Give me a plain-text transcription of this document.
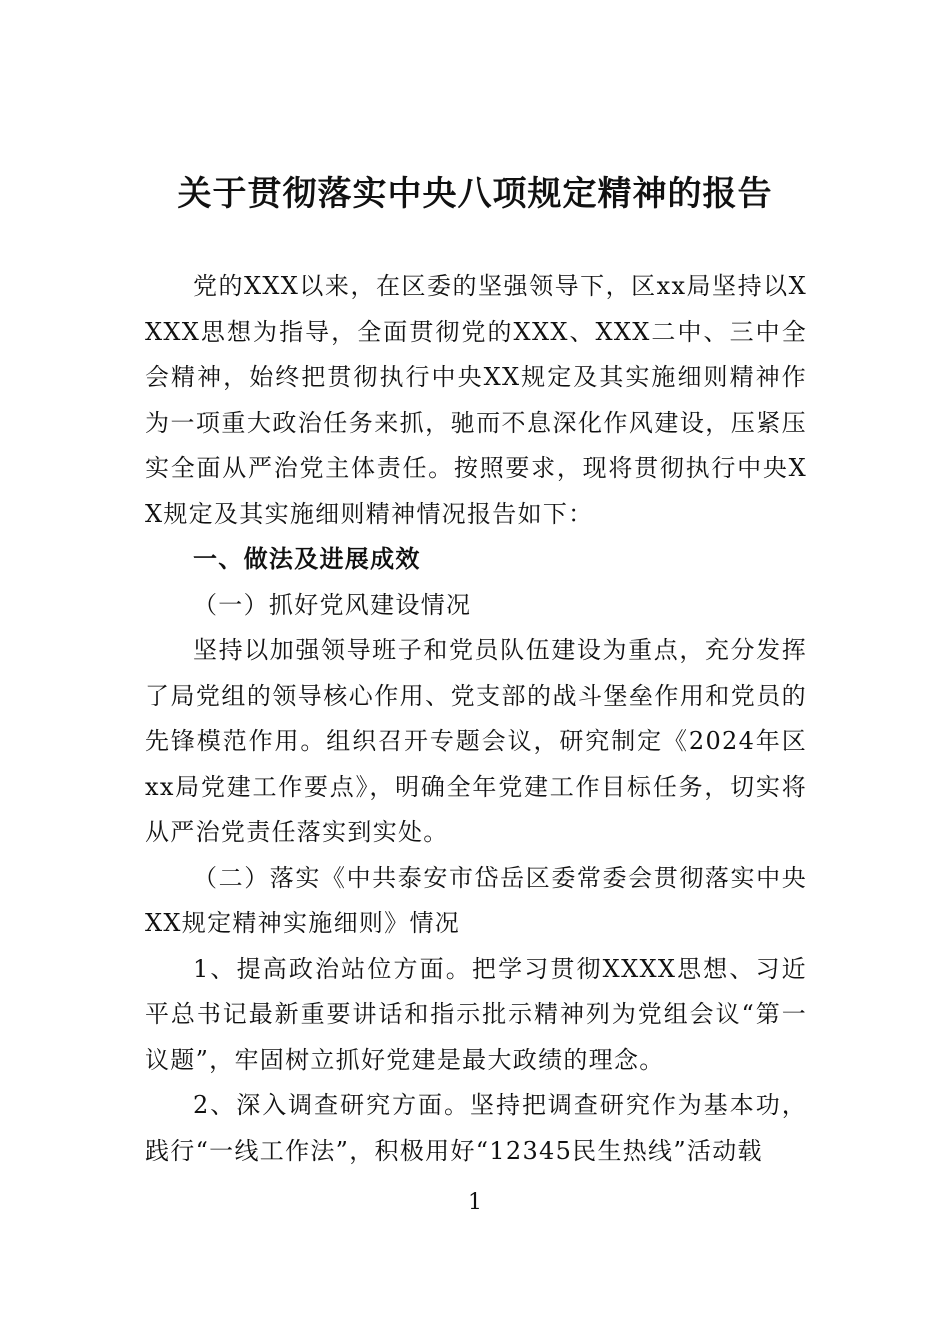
关于贯彻落实中央八项规定精神的报告

党的XXX以来，在区委的坚强领导下，区xx局坚持以XXXX思想为指导，全面贯彻党的XXX、XXX二中、三中全会精神，始终把贯彻执行中央XX规定及其实施细则精神作为一项重大政治任务来抓，驰而不息深化作风建设，压紧压实全面从严治党主体责任。按照要求，现将贯彻执行中央XX规定及其实施细则精神情况报告如下：

一、做法及进展成效

（一）抓好党风建设情况

坚持以加强领导班子和党员队伍建设为重点，充分发挥了局党组的领导核心作用、党支部的战斗堡垒作用和党员的先锋模范作用。组织召开专题会议，研究制定《2024年区xx局党建工作要点》，明确全年党建工作目标任务，切实将从严治党责任落实到实处。

（二）落实《中共泰安市岱岳区委常委会贯彻落实中央XX规定精神实施细则》情况

1、提高政治站位方面。把学习贯彻XXXX思想、习近平总书记最新重要讲话和指示批示精神列为党组会议“第一议题”，牢固树立抓好党建是最大政绩的理念。

2、深入调查研究方面。坚持把调查研究作为基本功，践行“一线工作法”，积极用好“12345民生热线”活动载

1
